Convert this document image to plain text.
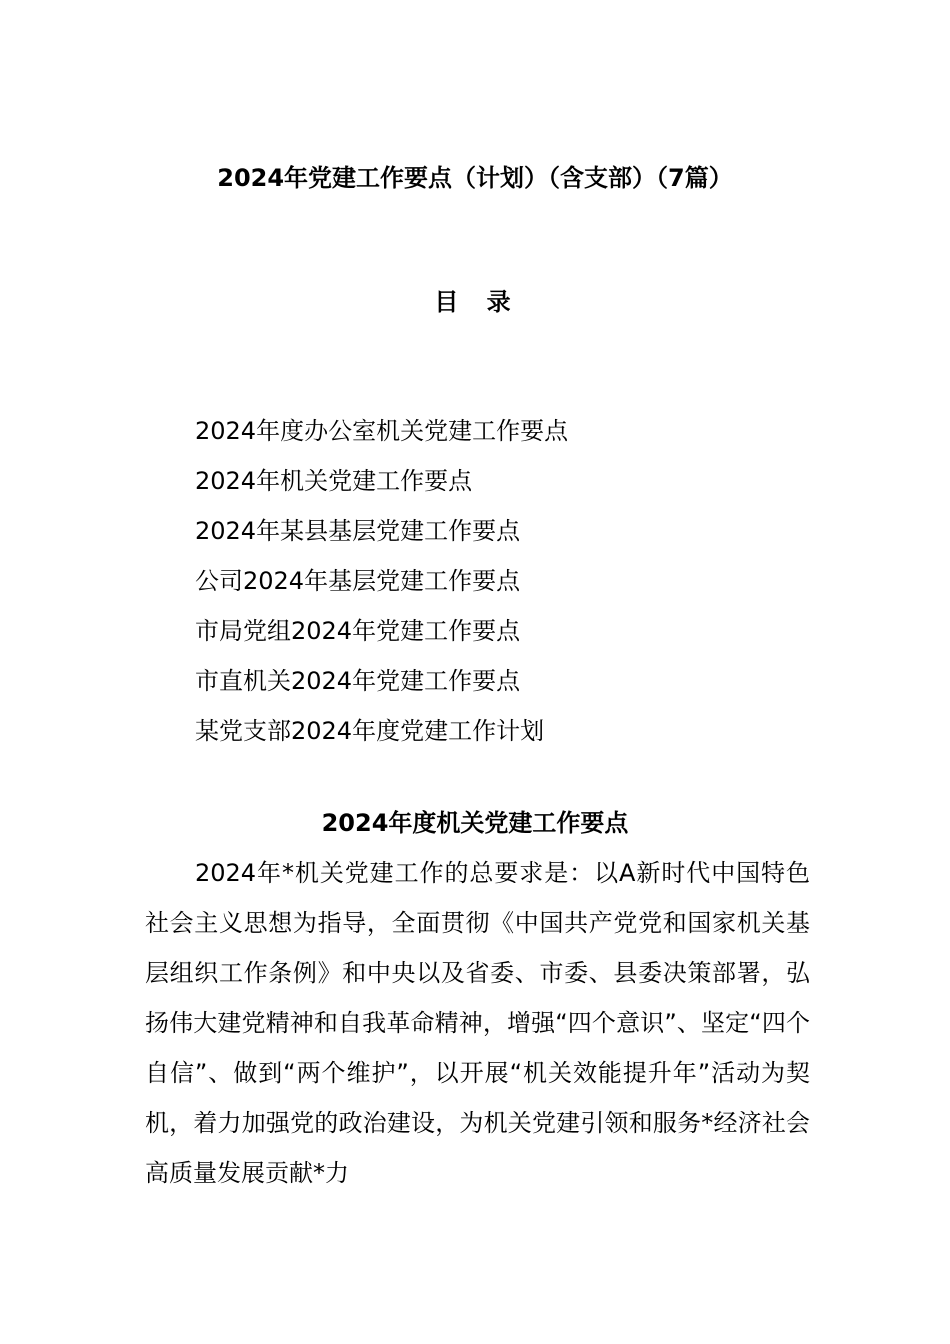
2024年党建工作要点（计划）（含支部）（7篇）
目 录
2024年度办公室机关党建工作要点
2024年机关党建工作要点
2024年某县基层党建工作要点
公司2024年基层党建工作要点
市局党组2024年党建工作要点
市直机关2024年党建工作要点
某党支部2024年度党建工作计划
2024年度机关党建工作要点

2024年*机关党建工作的总要求是：以A新时代中国特色社会主义思想为指导，全面贯彻《中国共产党党和国家机关基层组织工作条例》和中央以及省委、市委、县委决策部署，弘扬伟大建党精神和自我革命精神，增强“四个意识”、坚定“四个自信”、做到“两个维护”，以开展“机关效能提升年”活动为契机，着力加强党的政治建设，为机关党建引领和服务*经济社会高质量发展贡献*力
